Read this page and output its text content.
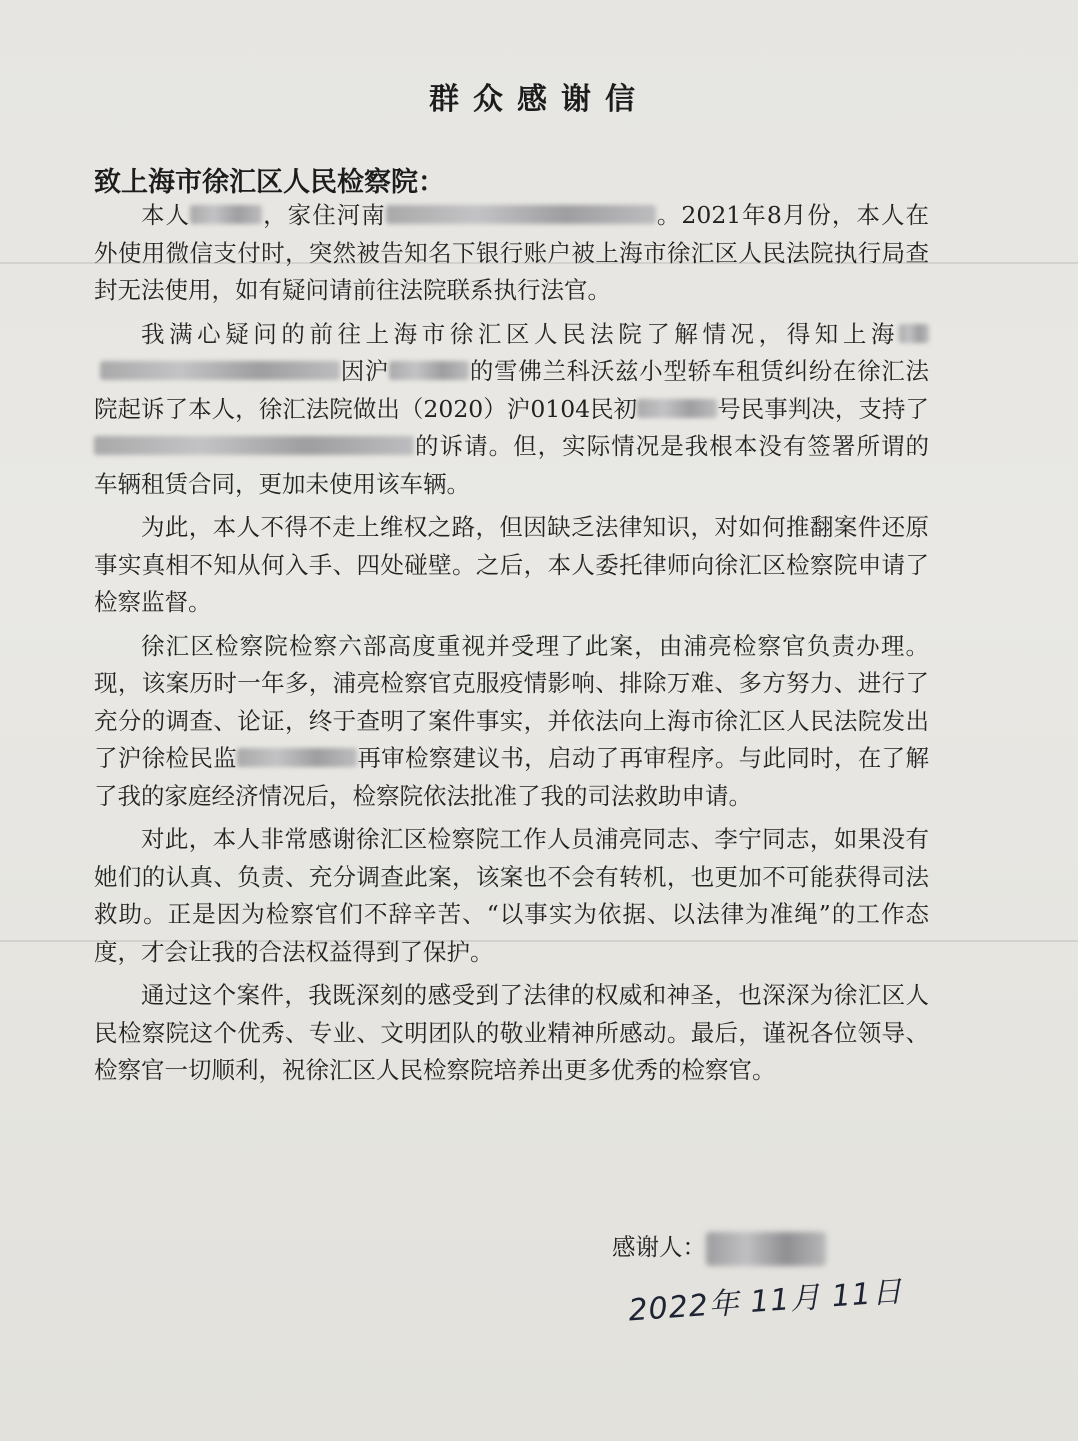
群众感谢信
致上海市徐汇区人民检察院：

本人	，家住河南	。2021年8月份，本人在外使用微信支付时，突然被告知名下银行账户被上海市徐汇区人民法院执行局查封无法使用，如有疑问请前往法院联系执行法官。

我满心疑问的前往上海市徐汇区人民法院了解情况，得知上海因沪	的雪佛兰科沃兹小型轿车租赁纠纷在徐汇法院起诉了本人，徐汇法院做出（2020）沪0104民初	号民事判决，支持了的诉请。但，实际情况是我根本没有签署所谓的车辆租赁合同，更加未使用该车辆。

为此，本人不得不走上维权之路，但因缺乏法律知识，对如何推翻案件还原事实真相不知从何入手、四处碰壁。之后，本人委托律师向徐汇区检察院申请了检察监督。

徐汇区检察院检察六部高度重视并受理了此案，由浦亮检察官负责办理。现，该案历时一年多，浦亮检察官克服疫情影响、排除万难、多方努力、进行了充分的调查、论证，终于查明了案件事实，并依法向上海市徐汇区人民法院发出了沪徐检民监	再审检察建议书，启动了再审程序。与此同时，在了解了我的家庭经济情况后，检察院依法批准了我的司法救助申请。

对此，本人非常感谢徐汇区检察院工作人员浦亮同志、李宁同志，如果没有她们的认真、负责、充分调查此案，该案也不会有转机，也更加不可能获得司法救助。正是因为检察官们不辞辛苦、“以事实为依据、以法律为准绳”的工作态度，才会让我的合法权益得到了保护。

通过这个案件，我既深刻的感受到了法律的权威和神圣，也深深为徐汇区人民检察院这个优秀、专业、文明团队的敬业精神所感动。最后，谨祝各位领导、检察官一切顺利，祝徐汇区人民检察院培养出更多优秀的检察官。

感谢人：
2022年 11月 11日
